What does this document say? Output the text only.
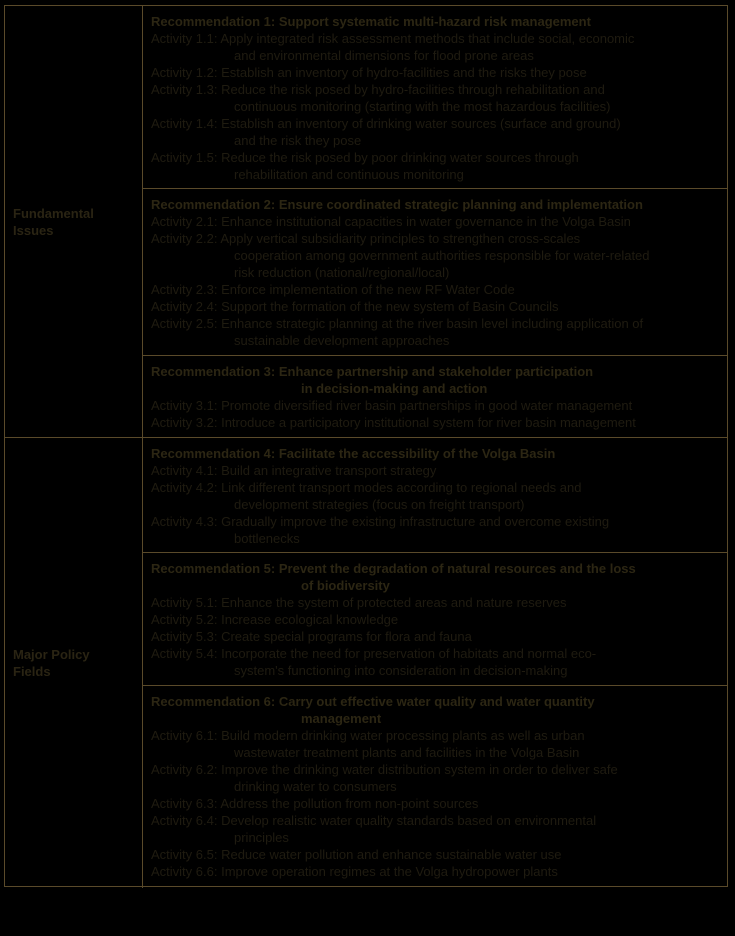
Fundamental
Issues
Recommendation 1: Support systematic multi-hazard risk management
Activity 1.1: Apply integrated risk assessment methods that include social, economic
and environmental dimensions for flood prone areas
Activity 1.2: Establish an inventory of hydro-facilities and the risks they pose
Activity 1.3: Reduce the risk posed by hydro-facilities through rehabilitation and
continuous monitoring (starting with the most hazardous facilities)
Activity 1.4: Establish an inventory of drinking water sources (surface and ground)
and the risk they pose
Activity 1.5: Reduce the risk posed by poor drinking water sources through
rehabilitation and continuous monitoring
Recommendation 2: Ensure coordinated strategic planning and implementation
Activity 2.1: Enhance institutional capacities in water governance in the Volga Basin
Activity 2.2: Apply vertical subsidiarity principles to strengthen cross-scales
cooperation among government authorities responsible for water-related
risk reduction (national/regional/local)
Activity 2.3: Enforce implementation of the new RF Water Code
Activity 2.4: Support the formation of the new system of Basin Councils
Activity 2.5: Enhance strategic planning at the river basin level including application of
sustainable development approaches
Recommendation 3: Enhance partnership and stakeholder participation
in decision-making and action
Activity 3.1: Promote diversified river basin partnerships in good water management
Activity 3.2: Introduce a participatory institutional system for river basin management
Major Policy
Fields
Recommendation 4: Facilitate the accessibility of the Volga Basin
Activity 4.1: Build an integrative transport strategy
Activity 4.2: Link different transport modes according to regional needs and
development strategies (focus on freight transport)
Activity 4.3: Gradually improve the existing infrastructure and overcome existing
bottlenecks
Recommendation 5: Prevent the degradation of natural resources and the loss
of biodiversity
Activity 5.1: Enhance the system of protected areas and nature reserves
Activity 5.2: Increase ecological knowledge
Activity 5.3: Create special programs for flora and fauna
Activity 5.4: Incorporate the need for preservation of habitats and normal eco-
system's functioning into consideration in decision-making
Recommendation 6: Carry out effective water quality and water quantity
management
Activity 6.1: Build modern drinking water processing plants as well as urban
wastewater treatment plants and facilities in the Volga Basin
Activity 6.2: Improve the drinking water distribution system in order to deliver safe
drinking water to consumers
Activity 6.3: Address the pollution from non-point sources
Activity 6.4: Develop realistic water quality standards based on environmental
principles
Activity 6.5: Reduce water pollution and enhance sustainable water use
Activity 6.6: Improve operation regimes at the Volga hydropower plants
